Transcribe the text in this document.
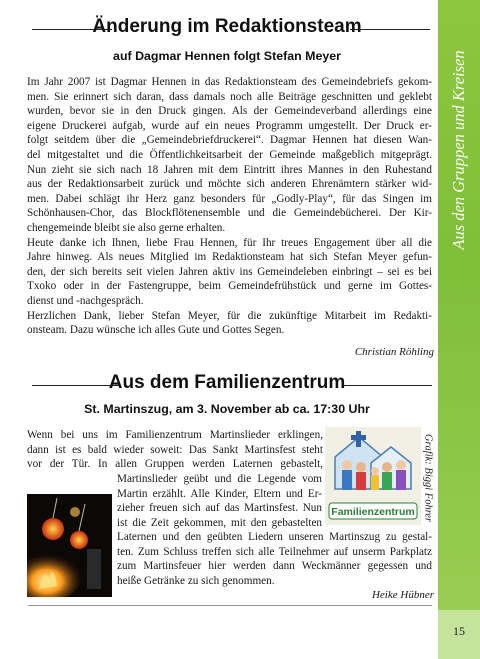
Aus den Gruppen und Kreisen
15
Änderung im Redaktionsteam
auf Dagmar Hennen folgt Stefan Meyer
Im Jahr 2007 ist Dagmar Hennen in das Redaktionsteam des Gemeindebriefs gekom-
men. Sie erinnert sich daran, dass damals noch alle Beiträge geschnitten und geklebt
wurden, bevor sie in den Druck gingen. Als der Gemeindeverband allerdings eine
eigene Druckerei aufgab, wurde auf ein neues Programm umgestellt. Der Druck er-
folgt seitdem über die „Gemeindebriefdruckerei“. Dagmar Hennen hat diesen Wan-
del mitgestaltet und die Öffentlichkeitsarbeit der Gemeinde maßgeblich mitgeprägt.
Nun zieht sie sich nach 18 Jahren mit dem Eintritt ihres Mannes in den Ruhestand
aus der Redaktionsarbeit zurück und möchte sich anderen Ehrenämtern stärker wid-
men. Dabei schlägt ihr Herz ganz besonders für „Godly-Play“, für das Singen im
Schönhausen-Chor, das Blockflötenensemble und die Gemeindebücherei. Der Kir-
chengemeinde bleibt sie also gerne erhalten.
Heute danke ich Ihnen, liebe Frau Hennen, für Ihr treues Engagement über all die
Jahre hinweg. Als neues Mitglied im Redaktionsteam hat sich Stefan Meyer gefun-
den, der sich bereits seit vielen Jahren aktiv ins Gemeindeleben einbringt – sei es bei
Txoko oder in der Fastengruppe, beim Gemeindefrühstück und gerne im Gottes-
dienst und -nachgespräch.
Herzlichen Dank, lieber Stefan Meyer, für die zukünftige Mitarbeit im Redakti-
onsteam. Dazu wünsche ich alles Gute und Gottes Segen.
Christian Röhling
Aus dem Familienzentrum
St. Martinszug, am 3. November ab ca. 17:30 Uhr
Wenn bei uns im Familienzentrum Martinslieder erklingen,
dann ist es bald wieder soweit: Das Sankt Martinsfest steht
vor der Tür. In allen Gruppen werden Laternen gebastelt,
Martinslieder geübt und die Legende vom
Martin erzählt. Alle Kinder, Eltern und Er-
zieher freuen sich auf das Martinsfest. Nun
ist die Zeit gekommen, mit den gebastelten
Laternen und den geübten Liedern unseren Martinszug zu gestal-
ten. Zum Schluss treffen sich alle Teilnehmer auf unserm Parkplatz
zum Martinsfeuer hier werden dann Weckmänner gegessen und
heiße Getränke zu sich genommen.
Heike Hübner
Familienzentrum Grafik: Biggi Fohrer
